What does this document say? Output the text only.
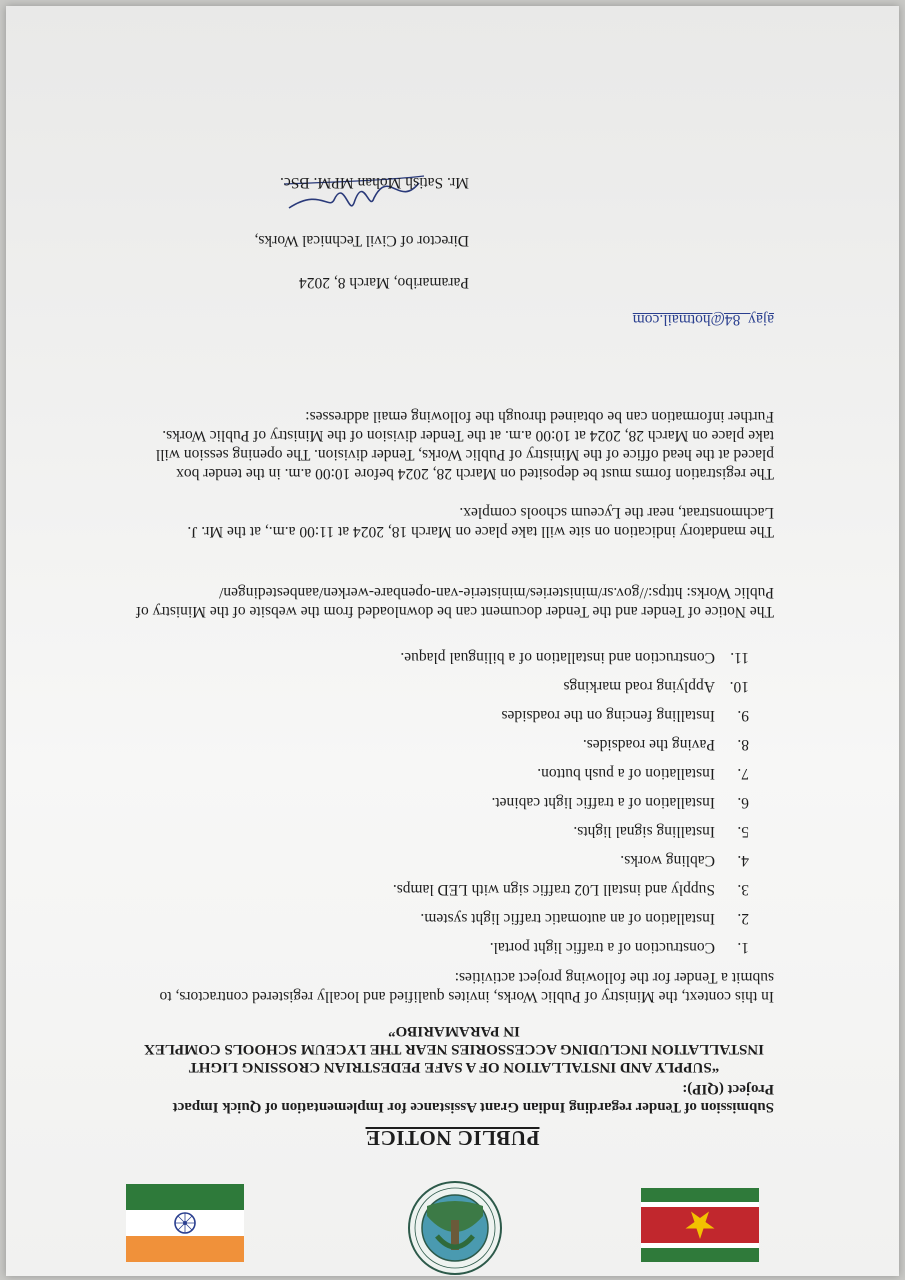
PUBLIC NOTICE
Submission of Tender regarding Indian Grant Assistance for Implementation of Quick Impact Project (QIP):
“SUPPLY AND INSTALLATION OF A SAFE PEDESTRIAN CROSSING LIGHT INSTALLATION INCLUDING ACCESSORIES NEAR THE LYCEUM SCHOOLS COMPLEX IN PARAMARIBO”
In this context, the Ministry of Public Works, invites qualified and locally registered contractors, to submit a Tender for the following project activities:
1.
Construction of a traffic light portal.
2.
Installation of an automatic traffic light system.
3.
Supply and install L02 traffic sign with LED lamps.
4.
Cabling works.
5.
Installing signal lights.
6.
Installation of a traffic light cabinet.
7.
Installation of a push button.
8.
Paving the roadsides.
9.
Installing fencing on the roadsides
10.
Applying road markings
11.
Construction and installation of a bilingual plaque.
The Notice of Tender and the Tender document can be downloaded from the website of the Ministry of Public Works: https://gov.sr/ministeries/ministerie-van-openbare-werken/aanbestedingen/
The mandatory indication on site will take place on March 18, 2024 at 11:00 a.m., at the Mr. J. Lachmonstraat, near the Lyceum schools complex.
The registration forms must be deposited on March 28, 2024 before 10:00 a.m. in the tender box placed at the head office of the Ministry of Public Works, Tender division. The opening session will take place on March 28, 2024 at 10:00 a.m. at the Tender division of the Ministry of Public Works. Further information can be obtained through the following email addresses:
ajay_84@hotmail.com
Paramaribo, March 8, 2024
Director of Civil Technical Works,
Mr. Satish Mohan MPM. BSc.
